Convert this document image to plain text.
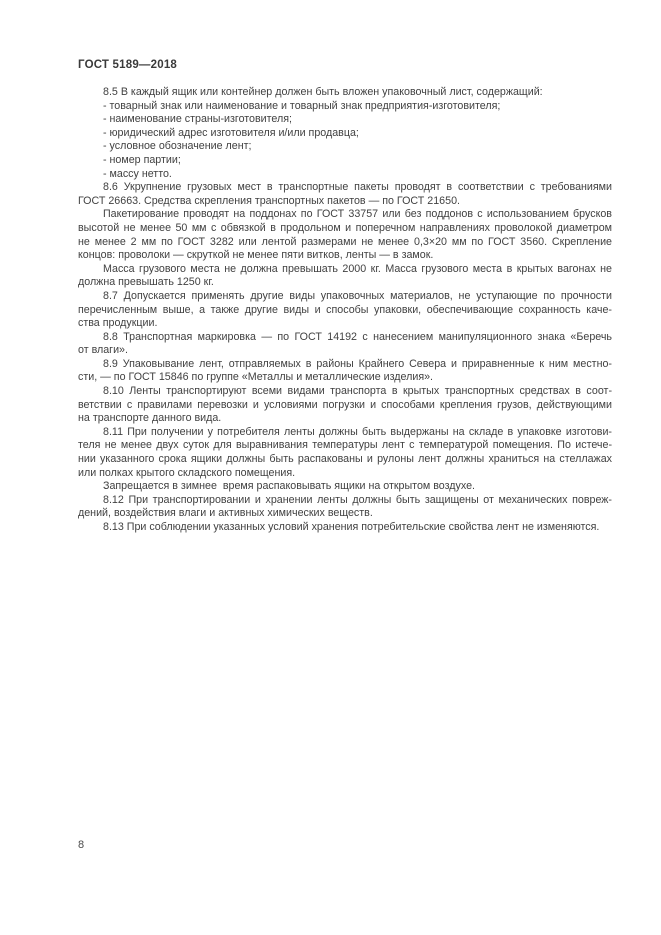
ГОСТ 5189—2018
8.5 В каждый ящик или контейнер должен быть вложен упаковочный лист, содержащий:
- товарный знак или наименование и товарный знак предприятия-изготовителя;
- наименование страны-изготовителя;
- юридический адрес изготовителя и/или продавца;
- условное обозначение лент;
- номер партии;
- массу нетто.
8.6 Укрупнение грузовых мест в транспортные пакеты проводят в соответствии с требованиями
ГОСТ 26663. Средства скрепления транспортных пакетов — по ГОСТ 21650.
Пакетирование проводят на поддонах по ГОСТ 33757 или без поддонов с использованием брусков
высотой не менее 50 мм с обвязкой в продольном и поперечном направлениях проволокой диаметром
не менее 2 мм по ГОСТ 3282 или лентой размерами не менее 0,3×20 мм по ГОСТ 3560. Скрепление
концов: проволоки — скруткой не менее пяти витков, ленты — в замок.
Масса грузового места не должна превышать 2000 кг. Масса грузового места в крытых вагонах не
должна превышать 1250 кг.
8.7 Допускается применять другие виды упаковочных материалов, не уступающие по прочности
перечисленным выше, а также другие виды и способы упаковки, обеспечивающие сохранность каче-
ства продукции.
8.8 Транспортная маркировка — по ГОСТ 14192 с нанесением манипуляционного знака «Беречь
от влаги».
8.9 Упаковывание лент, отправляемых в районы Крайнего Севера и приравненные к ним местно-
сти, — по ГОСТ 15846 по группе «Металлы и металлические изделия».
8.10 Ленты транспортируют всеми видами транспорта в крытых транспортных средствах в соот-
ветствии с правилами перевозки и условиями погрузки и способами крепления грузов, действующими
на транспорте данного вида.
8.11 При получении у потребителя ленты должны быть выдержаны на складе в упаковке изготови-
теля не менее двух суток для выравнивания температуры лент с температурой помещения. По истече-
нии указанного срока ящики должны быть распакованы и рулоны лент должны храниться на стеллажах
или полках крытого складского помещения.
Запрещается в зимнее  время распаковывать ящики на открытом воздухе.
8.12 При транспортировании и хранении ленты должны быть защищены от механических повреж-
дений, воздействия влаги и активных химических веществ.
8.13 При соблюдении указанных условий хранения потребительские свойства лент не изменяются.
8
